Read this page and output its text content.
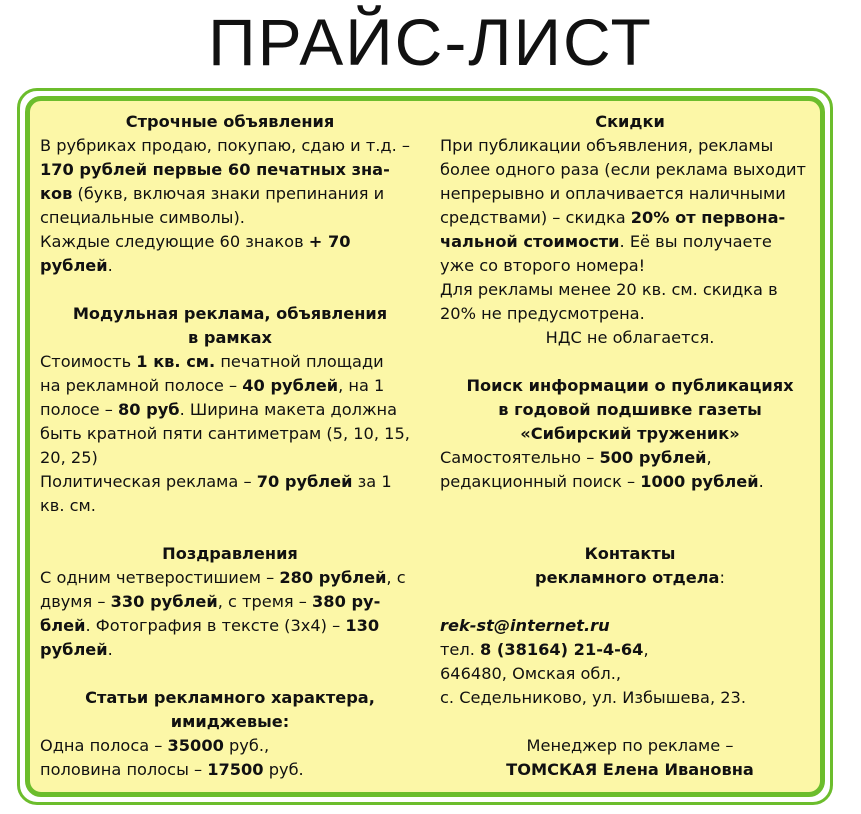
ПРАЙС-ЛИСТ
Строчные объявления
В рубриках продаю, покупаю, сдаю и т.д. –
170 рублей первые 60 печатных зна-
ков (букв, включая знаки препинания и
специальные символы).
Каждые следующие 60 знаков + 70
рублей.
Модульная реклама, объявления
в рамках
Стоимость 1 кв. см. печатной площади
на рекламной полосе – 40 рублей, на 1
полосе – 80 руб. Ширина макета должна
быть кратной пяти сантиметрам (5, 10, 15,
20, 25)
Политическая реклама – 70 рублей за 1
кв. см.
Поздравления
С одним четверостишием – 280 рублей, с
двумя – 330 рублей, с тремя – 380 ру-
блей. Фотография в тексте (3х4) – 130
рублей.
Статьи рекламного характера,
имиджевые:
Одна полоса – 35000 руб.,
половина полосы – 17500 руб.
Скидки
При публикации объявления, рекламы
более одного раза (если реклама выходит
непрерывно и оплачивается наличными
средствами) – скидка 20% от первона-
чальной стоимости. Её вы получаете
уже со второго номера!
Для рекламы менее 20 кв. см. скидка в
20% не предусмотрена.
НДС не облагается.
Поиск информации о публикациях
в годовой подшивке газеты
«Сибирский труженик»
Самостоятельно – 500 рублей,
редакционный поиск – 1000 рублей.
Контакты
рекламного отдела:
rek-st@internet.ru
тел. 8 (38164) 21-4-64,
646480, Омская обл.,
с. Седельниково, ул. Избышева, 23.
Менеджер по рекламе –
ТОМСКАЯ Елена Ивановна
